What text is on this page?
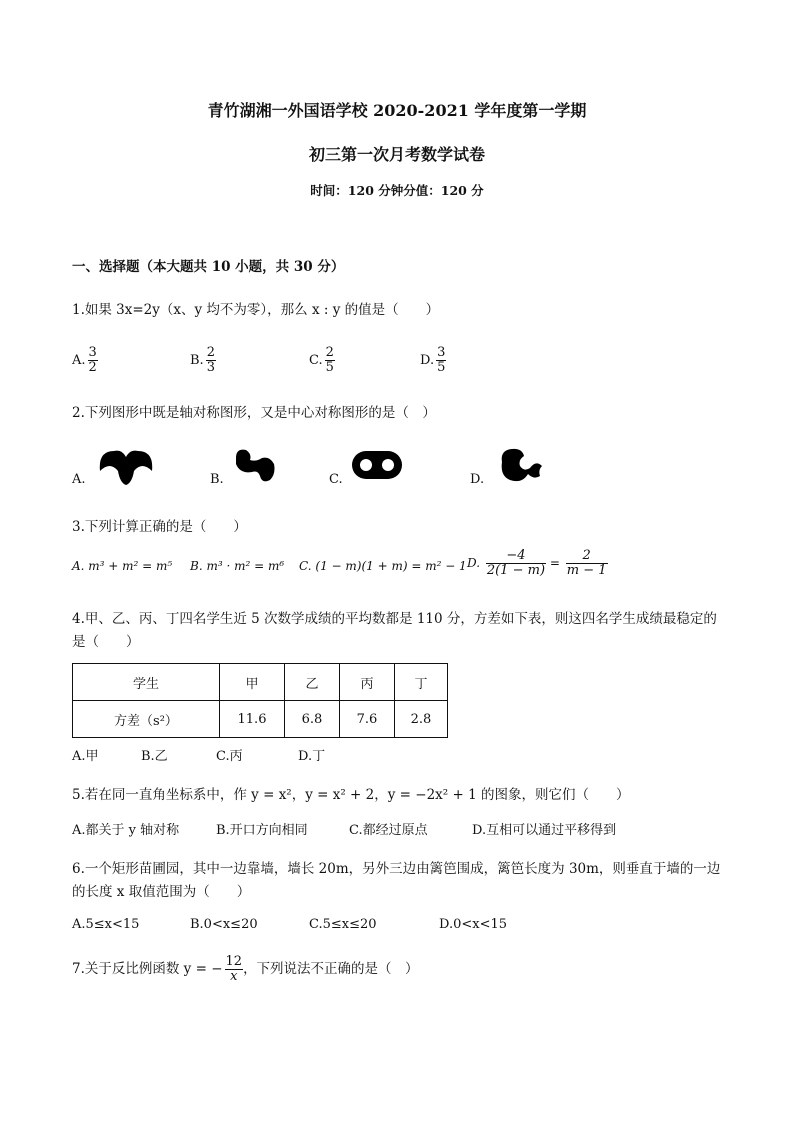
青竹湖湘一外国语学校 2020-2021 学年度第一学期
初三第一次月考数学试卷
时间：120 分钟分值：120 分
一、选择题（本大题共 10 小题，共 30 分）
1.如果 3x=2y（x、y 均不为零），那么 x : y 的值是（　　）
A. $\frac{3}{2}$	B. $\frac{2}{3}$	C. $\frac{2}{5}$	D. $\frac{3}{5}$
2.下列图形中既是轴对称图形，又是中心对称图形的是（　）
A.	B.	C.	D.
3.下列计算正确的是（　　）
A. m³ + m² = m⁵ B. m³ · m² = m⁶ C. (1 − m)(1 + m) = m² − 1 D. $\frac{-4}{2(1 - m)} = \frac{2}{m - 1}$
4.甲、乙、丙、丁四名学生近 5 次数学成绩的平均数都是 110 分，方差如下表，则这四名学生成绩最稳定的
是（　　）
学生	甲	乙	丙	丁
方差（s²）	11.6	6.8	7.6	2.8
A.甲	B.乙	C.丙	D.丁
5.若在同一直角坐标系中，作 y = x²，y = x² + 2，y = −2x² + 1 的图象，则它们（　　）
A.都关于 y 轴对称	B.开口方向相同	C.都经过原点	D.互相可以通过平移得到
6.一个矩形苗圃园，其中一边靠墙，墙长 20m，另外三边由篱笆围成，篱笆长度为 30m，则垂直于墙的一边
的长度 x 取值范围为（　　）
A.5≤x<15	B.0<x≤20	C.5≤x≤20	D.0<x<15
7.关于反比例函数 y = − $\frac{12}{x}$ ，下列说法不正确的是（　）
